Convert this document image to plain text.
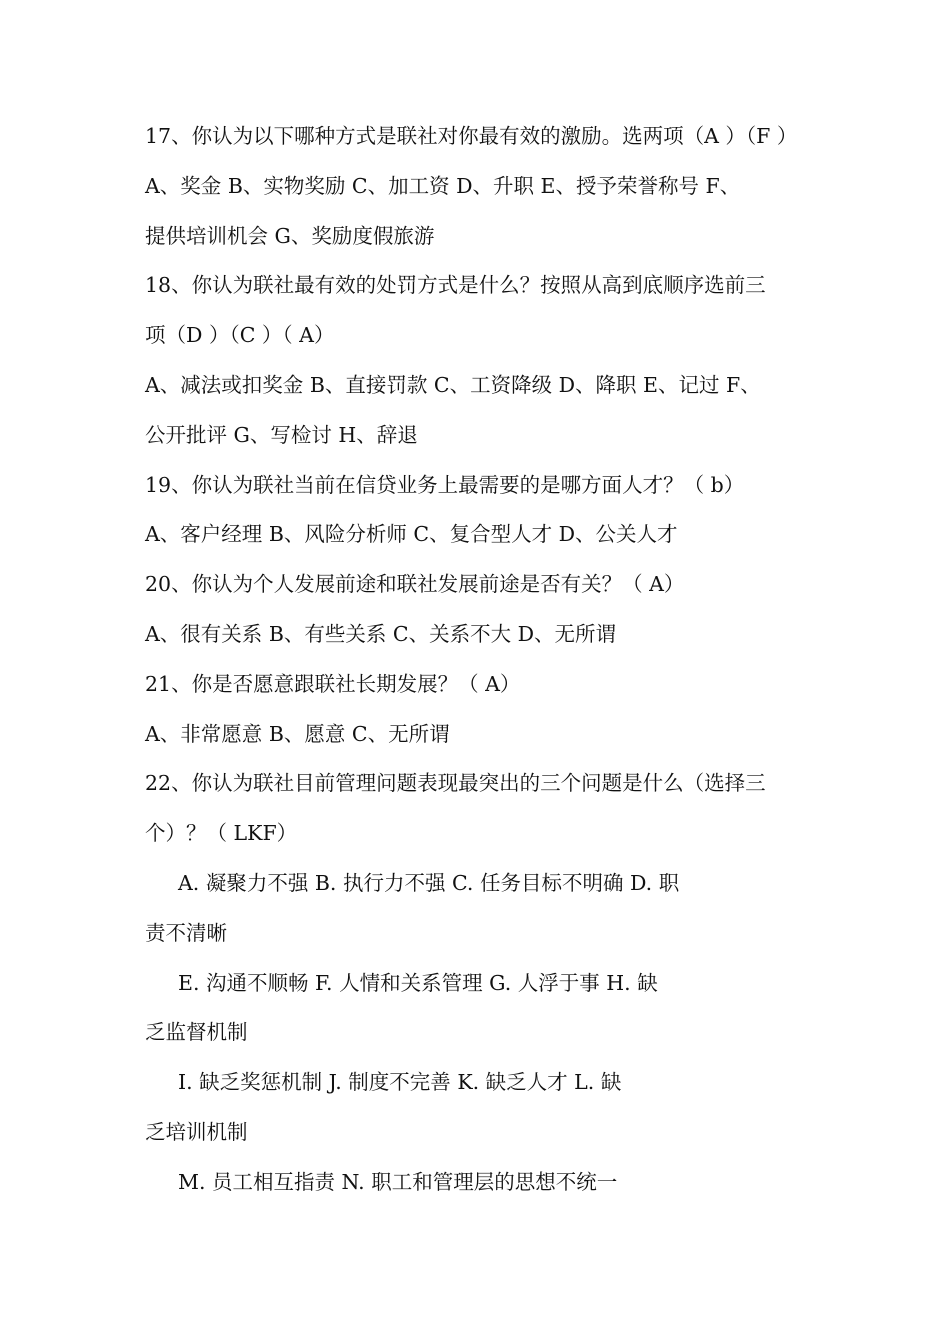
17、你认为以下哪种方式是联社对你最有效的激励。选两项（A ）（F ）
A、奖金 B、实物奖励 C、加工资 D、升职 E、授予荣誉称号 F、
提供培训机会 G、奖励度假旅游
18、你认为联社最有效的处罚方式是什么？按照从高到底顺序选前三
项（D ）（C ）（ A）
A、减法或扣奖金 B、直接罚款 C、工资降级 D、降职 E、记过 F、
公开批评 G、写检讨 H、辞退
19、你认为联社当前在信贷业务上最需要的是哪方面人才？（ b）
A、客户经理 B、风险分析师 C、复合型人才 D、公关人才
20、你认为个人发展前途和联社发展前途是否有关？（ A）
A、很有关系 B、有些关系 C、关系不大 D、无所谓
21、你是否愿意跟联社长期发展？（ A）
A、非常愿意 B、愿意 C、无所谓
22、你认为联社目前管理问题表现最突出的三个问题是什么（选择三
个）？（ LKF）
A. 凝聚力不强 B. 执行力不强 C. 任务目标不明确 D. 职
责不清晰
E. 沟通不顺畅 F. 人情和关系管理 G. 人浮于事 H. 缺
乏监督机制
I. 缺乏奖惩机制 J. 制度不完善 K. 缺乏人才 L. 缺
乏培训机制
M. 员工相互指责 N. 职工和管理层的思想不统一
